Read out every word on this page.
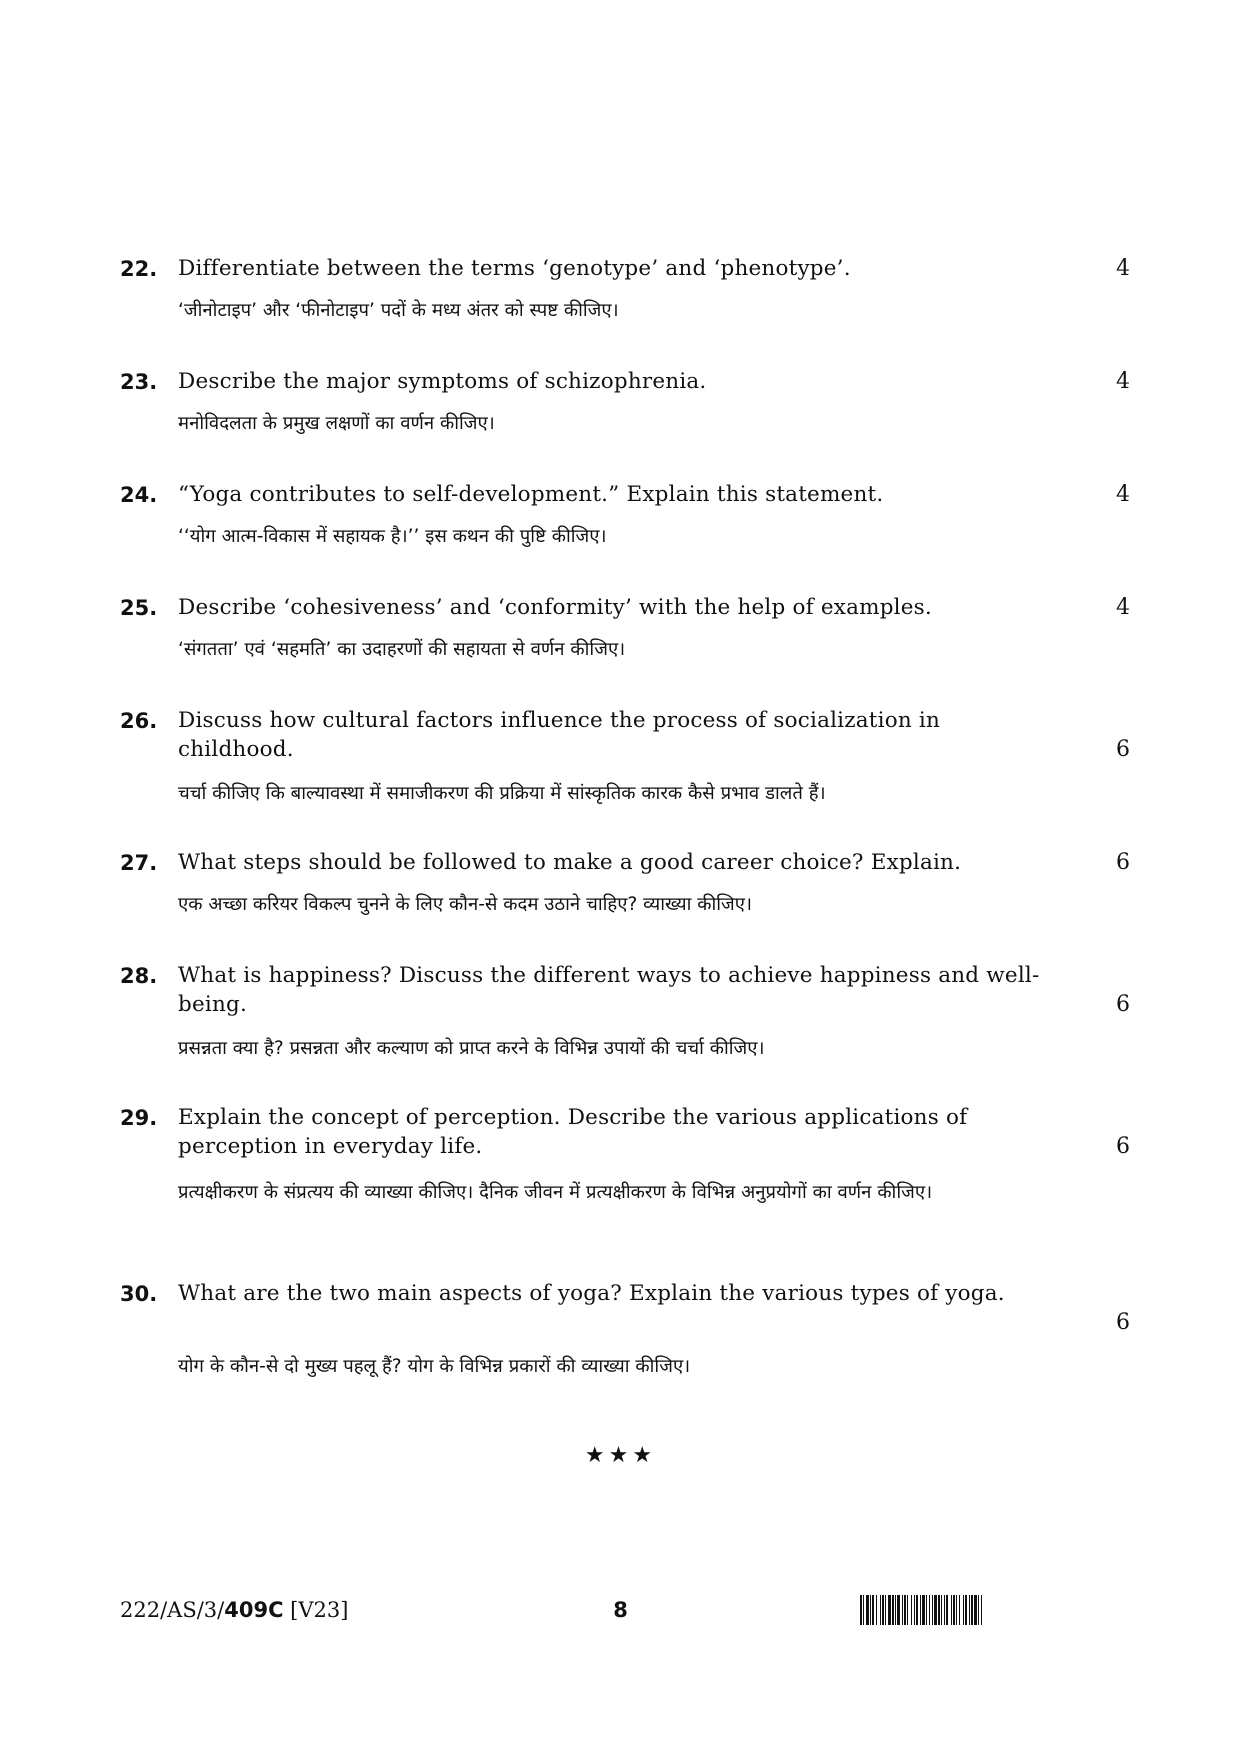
22. Differentiate between the terms ‘genotype’ and ‘phenotype’.	4
‘जीनोटाइप’ और ‘फीनोटाइप’ पदों के मध्य अंतर को स्पष्ट कीजिए।
23. Describe the major symptoms of schizophrenia.	4
मनोविदलता के प्रमुख लक्षणों का वर्णन कीजिए।
24. “Yoga contributes to self-development.” Explain this statement.	4
‘‘योग आत्म-विकास में सहायक है।’’ इस कथन की पुष्टि कीजिए।
25. Describe ‘cohesiveness’ and ‘conformity’ with the help of examples.	4
‘संगतता’ एवं ‘सहमति’ का उदाहरणों की सहायता से वर्णन कीजिए।
26. Discuss how cultural factors influence the process of socialization in childhood.	6
चर्चा कीजिए कि बाल्यावस्था में समाजीकरण की प्रक्रिया में सांस्कृतिक कारक कैसे प्रभाव डालते हैं।
27. What steps should be followed to make a good career choice? Explain.	6
एक अच्छा करियर विकल्प चुनने के लिए कौन-से कदम उठाने चाहिए? व्याख्या कीजिए।
28. What is happiness? Discuss the different ways to achieve happiness and well-being.	6
प्रसन्नता क्या है? प्रसन्नता और कल्याण को प्राप्त करने के विभिन्न उपायों की चर्चा कीजिए।
29. Explain the concept of perception. Describe the various applications of perception in everyday life.	6
प्रत्यक्षीकरण के संप्रत्यय की व्याख्या कीजिए। दैनिक जीवन में प्रत्यक्षीकरण के विभिन्न अनुप्रयोगों का वर्णन कीजिए।
30. What are the two main aspects of yoga? Explain the various types of yoga.
6
योग के कौन-से दो मुख्य पहलू हैं? योग के विभिन्न प्रकारों की व्याख्या कीजिए।
★★★
222/AS/3/409C [V23]	8
